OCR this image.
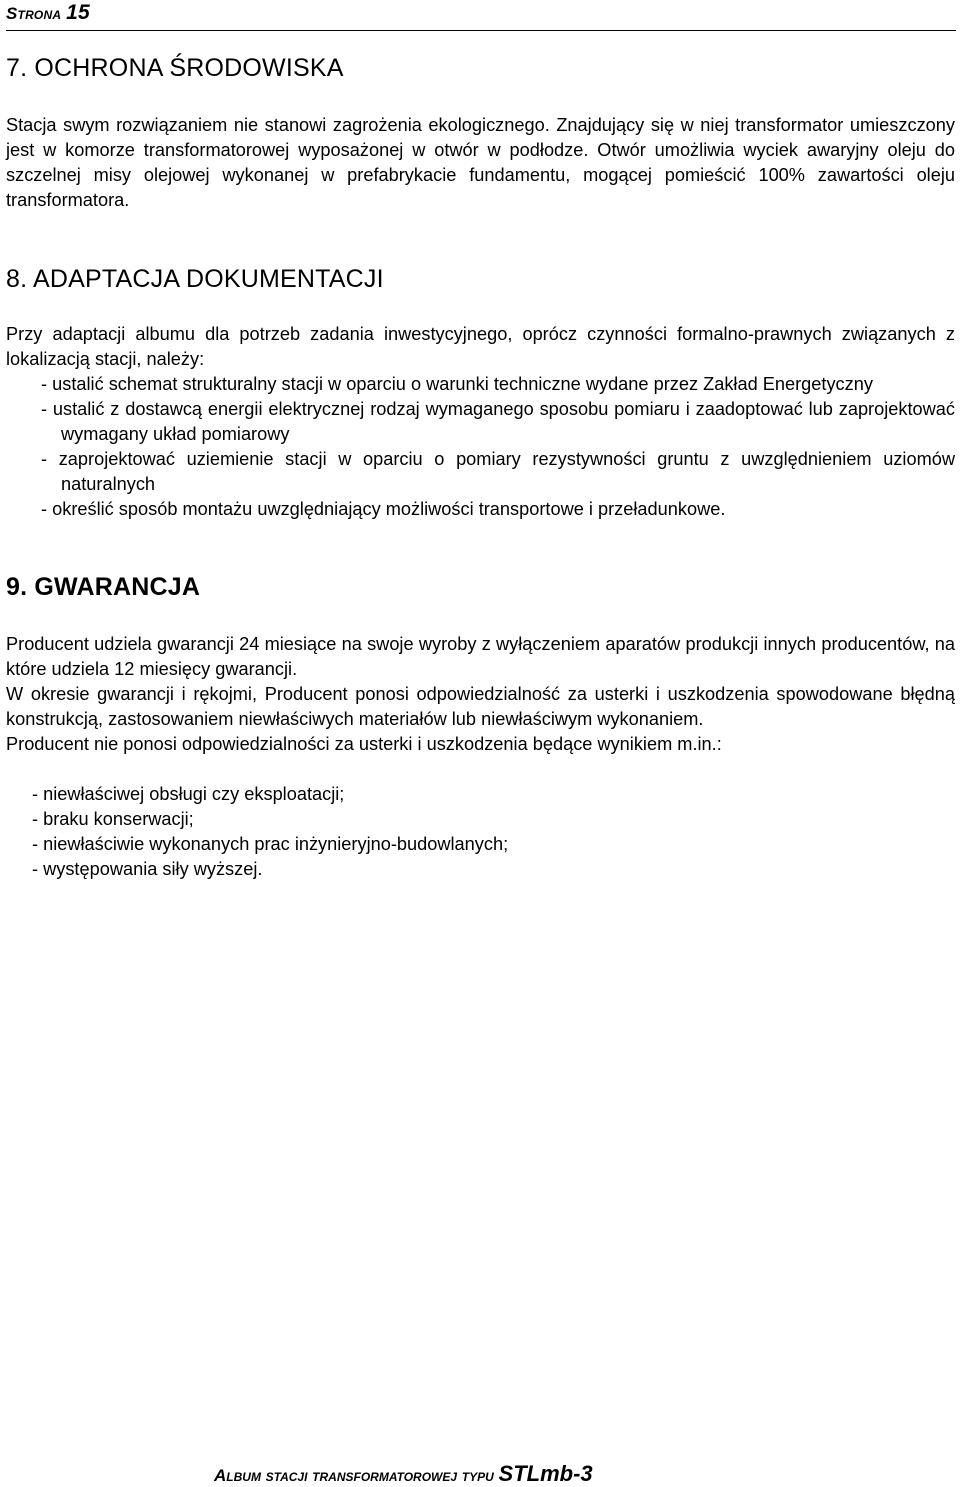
Strona 15
7. OCHRONA ŚRODOWISKA

Stacja swym rozwiązaniem nie stanowi zagrożenia ekologicznego. Znajdujący się w niej transformator umieszczony jest w komorze transformatorowej wyposażonej w otwór w podłodze. Otwór umożliwia wyciek awaryjny oleju do szczelnej misy olejowej wykonanej w prefabrykacie fundamentu, mogącej pomieścić 100% zawartości oleju transformatora.

8. ADAPTACJA DOKUMENTACJI

Przy adaptacji albumu dla potrzeb zadania inwestycyjnego, oprócz czynności formalno-prawnych związanych z lokalizacją stacji, należy:

- ustalić schemat strukturalny stacji w oparciu o warunki techniczne wydane przez Zakład Energetyczny
- ustalić z dostawcą energii elektrycznej rodzaj wymaganego sposobu pomiaru i zaadoptować lub zaprojektować wymagany układ pomiarowy
- zaprojektować uziemienie stacji w oparciu o pomiary rezystywności gruntu z uwzględnieniem uziomów naturalnych
- określić sposób montażu uwzględniający możliwości transportowe i przeładunkowe.
9. GWARANCJA

Producent udziela gwarancji 24 miesiące na swoje wyroby z wyłączeniem aparatów produkcji innych producentów, na które udziela 12 miesięcy gwarancji.

W okresie gwarancji i rękojmi, Producent ponosi odpowiedzialność za usterki i uszkodzenia spowodowane błędną konstrukcją, zastosowaniem niewłaściwych materiałów lub niewłaściwym wykonaniem.

Producent nie ponosi odpowiedzialności za usterki i uszkodzenia będące wynikiem m.in.:

- niewłaściwej obsługi czy eksploatacji;
- braku konserwacji;
- niewłaściwie wykonanych prac inżynieryjno-budowlanych;
- występowania siły wyższej.
Album stacji transformatorowej typu STLmb-3
